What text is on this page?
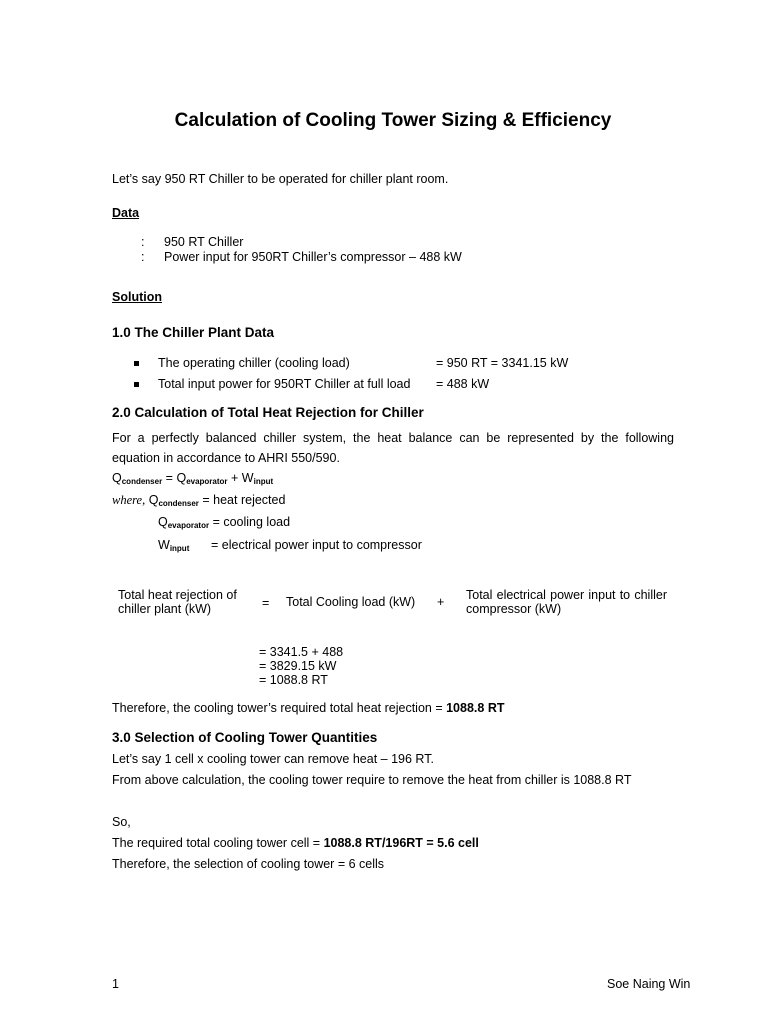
Calculation of Cooling Tower Sizing & Efficiency
Let’s say 950 RT Chiller to be operated for chiller plant room.
Data
: 950 RT Chiller
: Power input for 950RT Chiller’s compressor – 488 kW
Solution
1.0 The Chiller Plant Data
The operating chiller (cooling load)	= 950 RT = 3341.15 kW
Total input power for 950RT Chiller at full load = 488 kW
2.0 Calculation of Total Heat Rejection for Chiller
For a perfectly balanced chiller system, the heat balance can be represented by the following equation in accordance to AHRI 550/590.
$Q_{condenser} = Q_{evaporator} + W_{input}$
where, $Q_{condenser}$ = heat rejected
$Q_{evaporator}$ = cooling load
$W_{input}$ = electrical power input to compressor
Total heat rejection of chiller plant (kW)	= Total Cooling load (kW) + Total electrical power input to chiller compressor (kW)
= 3341.5 + 488
= 3829.15 kW
= 1088.8 RT
Therefore, the cooling tower’s required total heat rejection = 1088.8 RT
3.0 Selection of Cooling Tower Quantities
Let’s say 1 cell x cooling tower can remove heat – 196 RT.
From above calculation, the cooling tower require to remove the heat from chiller is 1088.8 RT
So,
The required total cooling tower cell = 1088.8 RT/196RT = 5.6 cell
Therefore, the selection of cooling tower = 6 cells
1	Soe Naing Win
